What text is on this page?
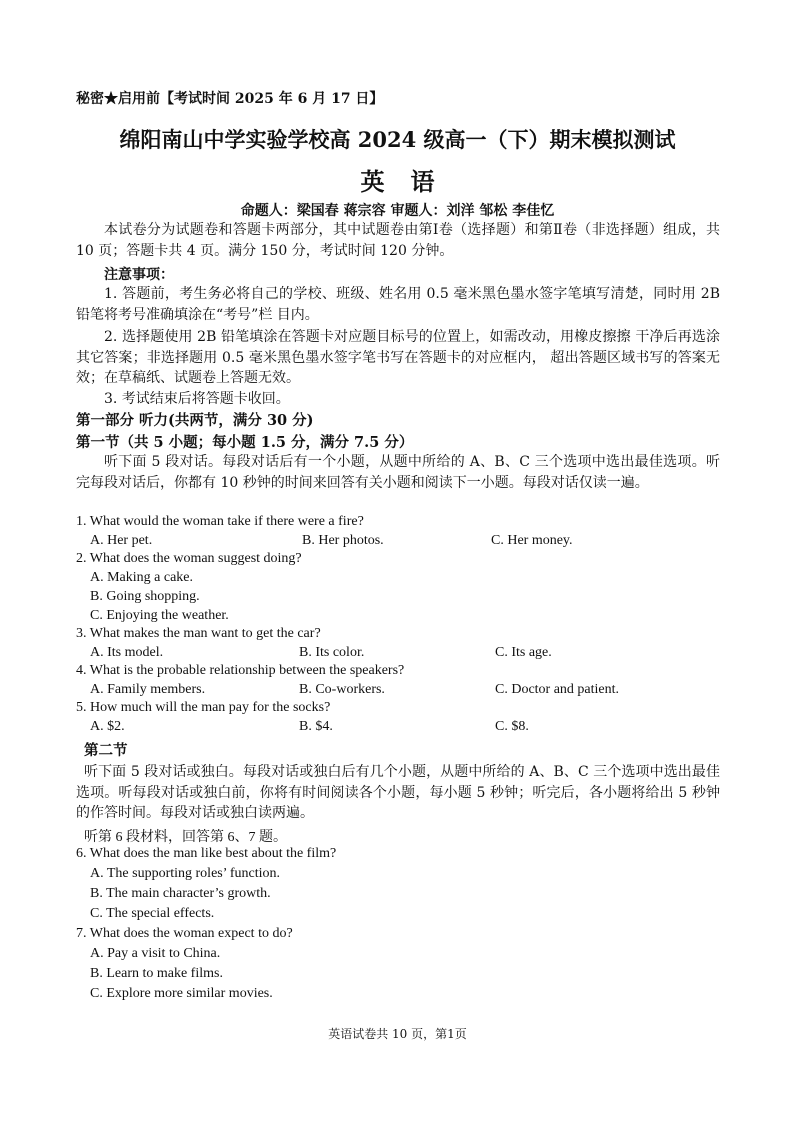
秘密★启用前【考试时间 2025 年 6 月 17 日】
绵阳南山中学实验学校高 2024 级高一（下）期末模拟测试
英语
命题人：梁国春 蒋宗容 审题人：刘洋 邹松 李佳忆
本试卷分为试题卷和答题卡两部分，其中试题卷由第Ⅰ卷（选择题）和第Ⅱ卷（非选择题）组成，共 10 页；答题卡共 4 页。满分 150 分，考试时间 120 分钟。
注意事项：
1. 答题前，考生务必将自己的学校、班级、姓名用 0.5 毫米黑色墨水签字笔填写清楚，同时用 2B 铅笔将考号准确填涂在“考号”栏 目内。
2. 选择题使用 2B 铅笔填涂在答题卡对应题目标号的位置上，如需改动，用橡皮擦擦 干净后再选涂其它答案；非选择题用 0.5 毫米黑色墨水签字笔书写在答题卡的对应框内， 超出答题区域书写的答案无效；在草稿纸、试题卷上答题无效。
3. 考试结束后将答题卡收回。
第一部分 听力(共两节，满分 30 分)
第一节（共 5 小题；每小题 1.5 分，满分 7.5 分）
听下面 5 段对话。每段对话后有一个小题，从题中所给的 A、B、C 三个选项中选出最佳选项。听完每段对话后，你都有 10 秒钟的时间来回答有关小题和阅读下一小题。每段对话仅读一遍。
1. What would the woman take if there were a fire?
A. Her pet.	B. Her photos.	C. Her money.
2. What does the woman suggest doing?
A. Making a cake.
B. Going shopping.
C. Enjoying the weather.
3. What makes the man want to get the car?
A. Its model.	B. Its color.	C. Its age.
4. What is the probable relationship between the speakers?
A. Family members.	B. Co-workers.	C. Doctor and patient.
5. How much will the man pay for the socks?
A. $2.	B. $4.	C. $8.
第二节
听下面 5 段对话或独白。每段对话或独白后有几个小题，从题中所给的 A、B、C 三个选项中选出最佳选项。听每段对话或独白前，你将有时间阅读各个小题，每小题 5 秒钟；听完后，各小题将给出 5 秒钟的作答时间。每段对话或独白读两遍。
听第 6 段材料，回答第 6、7 题。
6. What does the man like best about the film?
A. The supporting roles’ function.
B. The main character’s growth.
C. The special effects.
7. What does the woman expect to do?
A. Pay a visit to China.
B. Learn to make films.
C. Explore more similar movies.
英语试卷共 10 页，第1页
